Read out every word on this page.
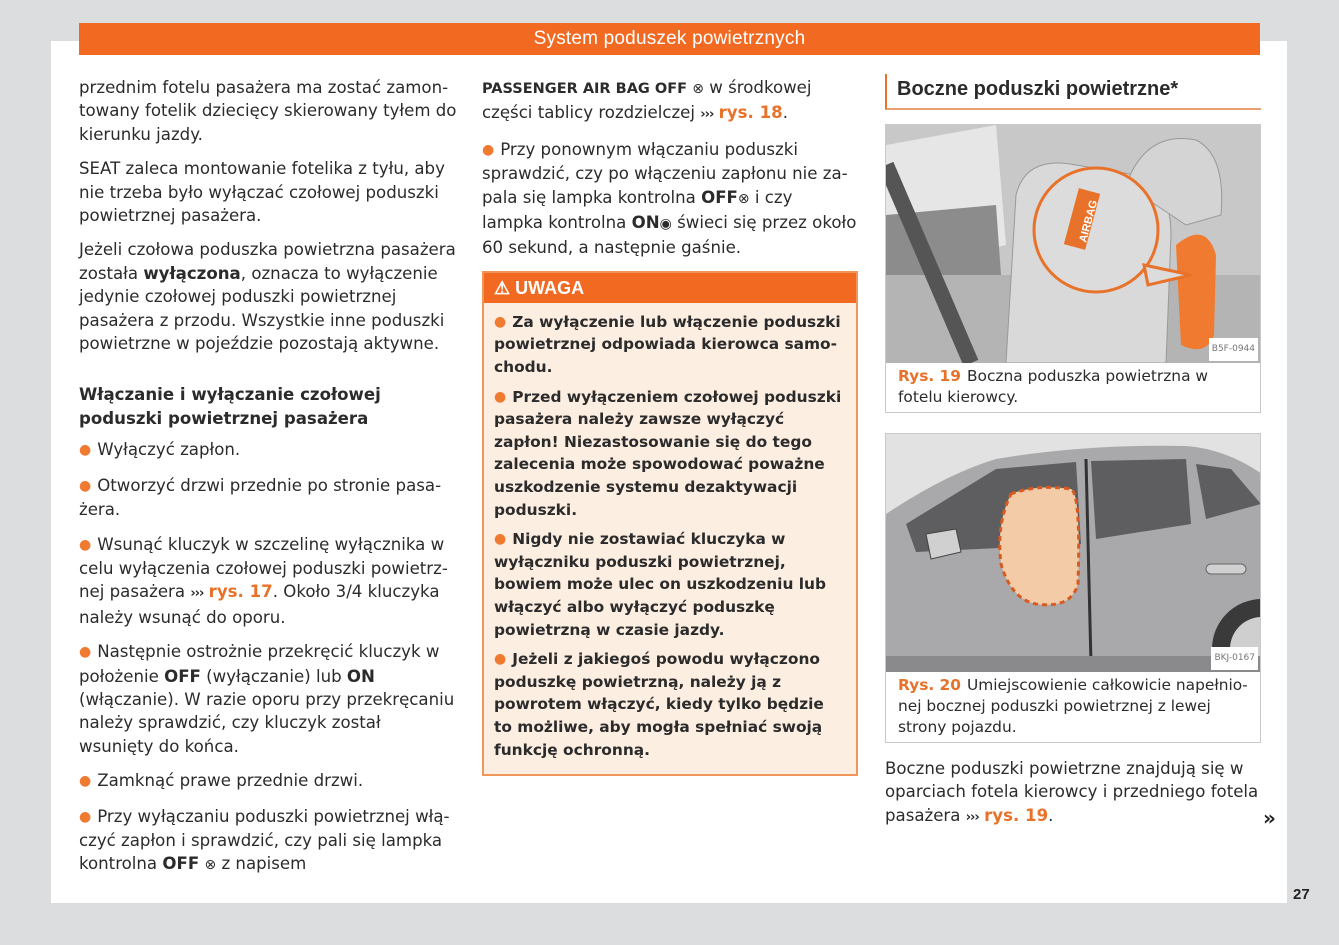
System poduszek powietrznych

przednim fotelu pasażera ma zostać zamontowany fotelik dziecięcy skierowany tyłem do kierunku jazdy.

SEAT zaleca montowanie fotelika z tyłu, aby nie trzeba było wyłączać czołowej poduszki powietrznej pasażera.

Jeżeli czołowa poduszka powietrzna pasażera została wyłączona, oznacza to wyłączenie jedynie czołowej poduszki powietrznej pasażera z przodu. Wszystkie inne poduszki powietrzne w pojeździe pozostają aktywne.

Włączanie i wyłączanie czołowej poduszki powietrznej pasażera

● Wyłączyć zapłon.

● Otworzyć drzwi przednie po stronie pasażera.

● Wsunąć kluczyk w szczelinę wyłącznika w celu wyłączenia czołowej poduszki powietrznej pasażera ››› rys. 17. Około 3/4 kluczyka należy wsunąć do oporu.

● Następnie ostrożnie przekręcić kluczyk w położenie OFF (wyłączanie) lub ON (włączanie). W razie oporu przy przekręcaniu należy sprawdzić, czy kluczyk został wsunięty do końca.

● Zamknąć prawe przednie drzwi.

● Przy wyłączaniu poduszki powietrznej włączyć zapłon i sprawdzić, czy pali się lampka kontrolna OFF ⊗ z napisem

PASSENGER AIR BAG OFF ⊗ w środkowej części tablicy rozdzielczej ››› rys. 18.

● Przy ponownym włączaniu poduszki sprawdzić, czy po włączeniu zapłonu nie zapala się lampka kontrolna OFF⊗ i czy lampka kontrolna ON◉ świeci się przez około 60 sekund, a następnie gaśnie.

⚠ UWAGA

● Za wyłączenie lub włączenie poduszki powietrznej odpowiada kierowca samochodu.

● Przed wyłączeniem czołowej poduszki pasażera należy zawsze wyłączyć zapłon! Niezastosowanie się do tego zalecenia może spowodować poważne uszkodzenie systemu dezaktywacji poduszki.

● Nigdy nie zostawiać kluczyka w wyłączniku poduszki powietrznej, bowiem może ulec on uszkodzeniu lub włączyć albo wyłączyć poduszkę powietrzną w czasie jazdy.

● Jeżeli z jakiegoś powodu wyłączono poduszkę powietrzną, należy ją z powrotem włączyć, kiedy tylko będzie to możliwe, aby mogła spełniać swoją funkcję ochronną.

Boczne poduszki powietrzne*
AIRBAG
B5F-0944
Rys. 19 Boczna poduszka powietrzna w fotelu kierowcy.
BKJ-0167
Rys. 20 Umiejscowienie całkowicie napełnionej bocznej poduszki powietrznej z lewej strony pojazdu.

Boczne poduszki powietrzne znajdują się w oparciach fotela kierowcy i przedniego fotela pasażera ››› rys. 19.	»
27
